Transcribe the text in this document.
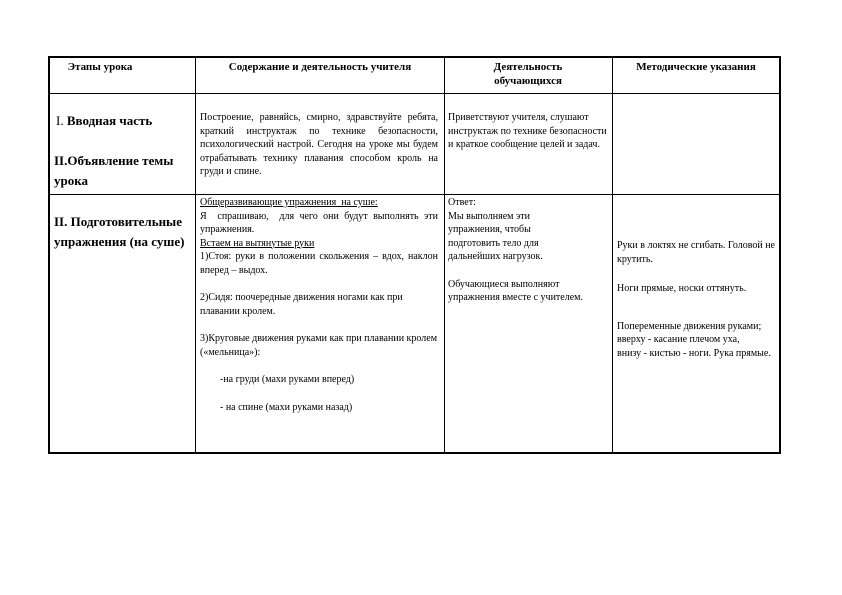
Этапы урока	Содержание и деятельность учителя	Деятельность обучающихся
Методические указания
I. Вводная часть
II.Объявление темы урока
Построение, равняйсь, смирно, здравствуйте ребята, краткий инструктаж по технике безопасности, психологический настрой. Сегодня на уроке мы будем отрабатывать технику плавания способом кроль на груди и спине.
Приветствуют учителя, слушают инструктаж по технике безопасности и краткое сообщение целей и задач.
II. Подготовительные упражнения (на суше)

Общеразвивающие упражнения  на суше:

Я  спрашиваю,  для чего они будут выполнять эти упражнения.

Встаем на вытянутые руки

1)Стоя: руки в положении скольжения – вдох, наклон вперед – выдох.

2)Сидя: поочередные движения ногами как при плавании кролем.

3)Круговые движения руками как при плавании кролем («мельница»):

-на груди (махи руками вперед)

- на спине (махи руками назад)

Ответ:

Мы выполняем эти упражнения, чтобы подготовить тело для дальнейших нагрузок.

Обучающиеся выполняют упражнения вместе с учителем.

Руки в локтях не сгибать. Головой не крутить.

Ноги прямые, носки оттянуть.

Попеременные движения руками;

вверху - касание плечом уха,

внизу - кистью - ноги. Рука прямые.
